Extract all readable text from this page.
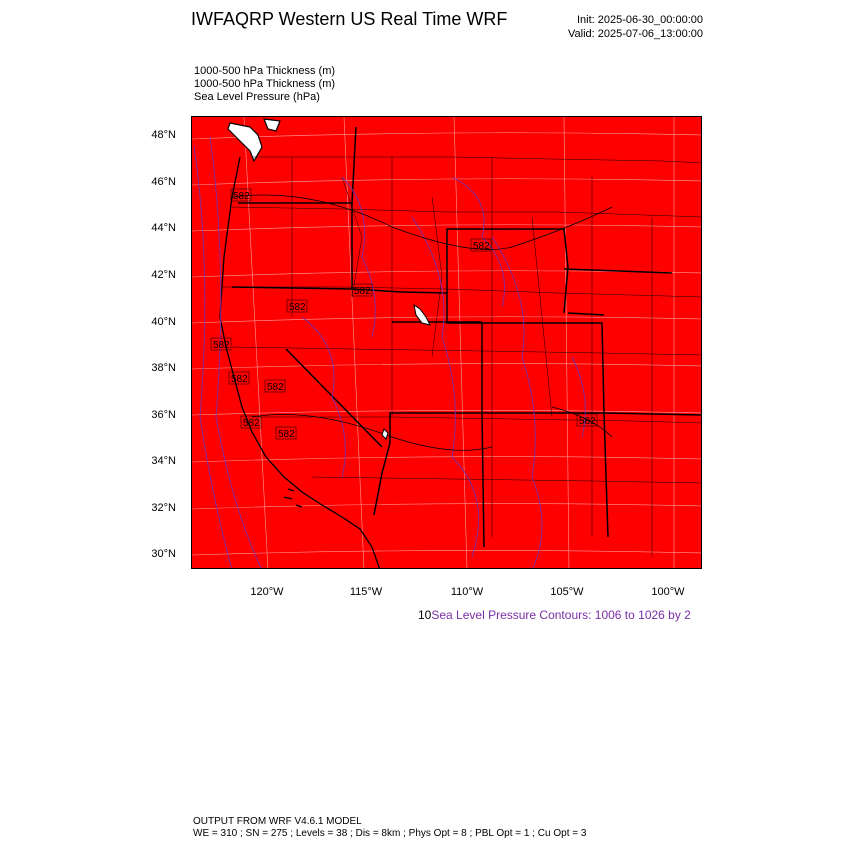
IWFAQRP Western US Real Time WRF	Init: 2025-06-30_00:00:00
Valid: 2025-07-06_13:00:00
1000-500 hPa Thickness (m)
1000-500 hPa Thickness (m)
Sea Level Pressure (hPa)
582
582
582
582
582
582
582
582
582
582
48°N
46°N
44°N
42°N
40°N
38°N
36°N
34°N
32°N
30°N
120°W	115°W	110°W	105°W	100°W
10Sea Level Pressure Contours: 1006 to 1026 by 2
OUTPUT FROM WRF V4.6.1 MODEL
WE = 310 ; SN = 275 ; Levels = 38 ; Dis = 8km ; Phys Opt = 8 ; PBL Opt = 1 ; Cu Opt = 3
